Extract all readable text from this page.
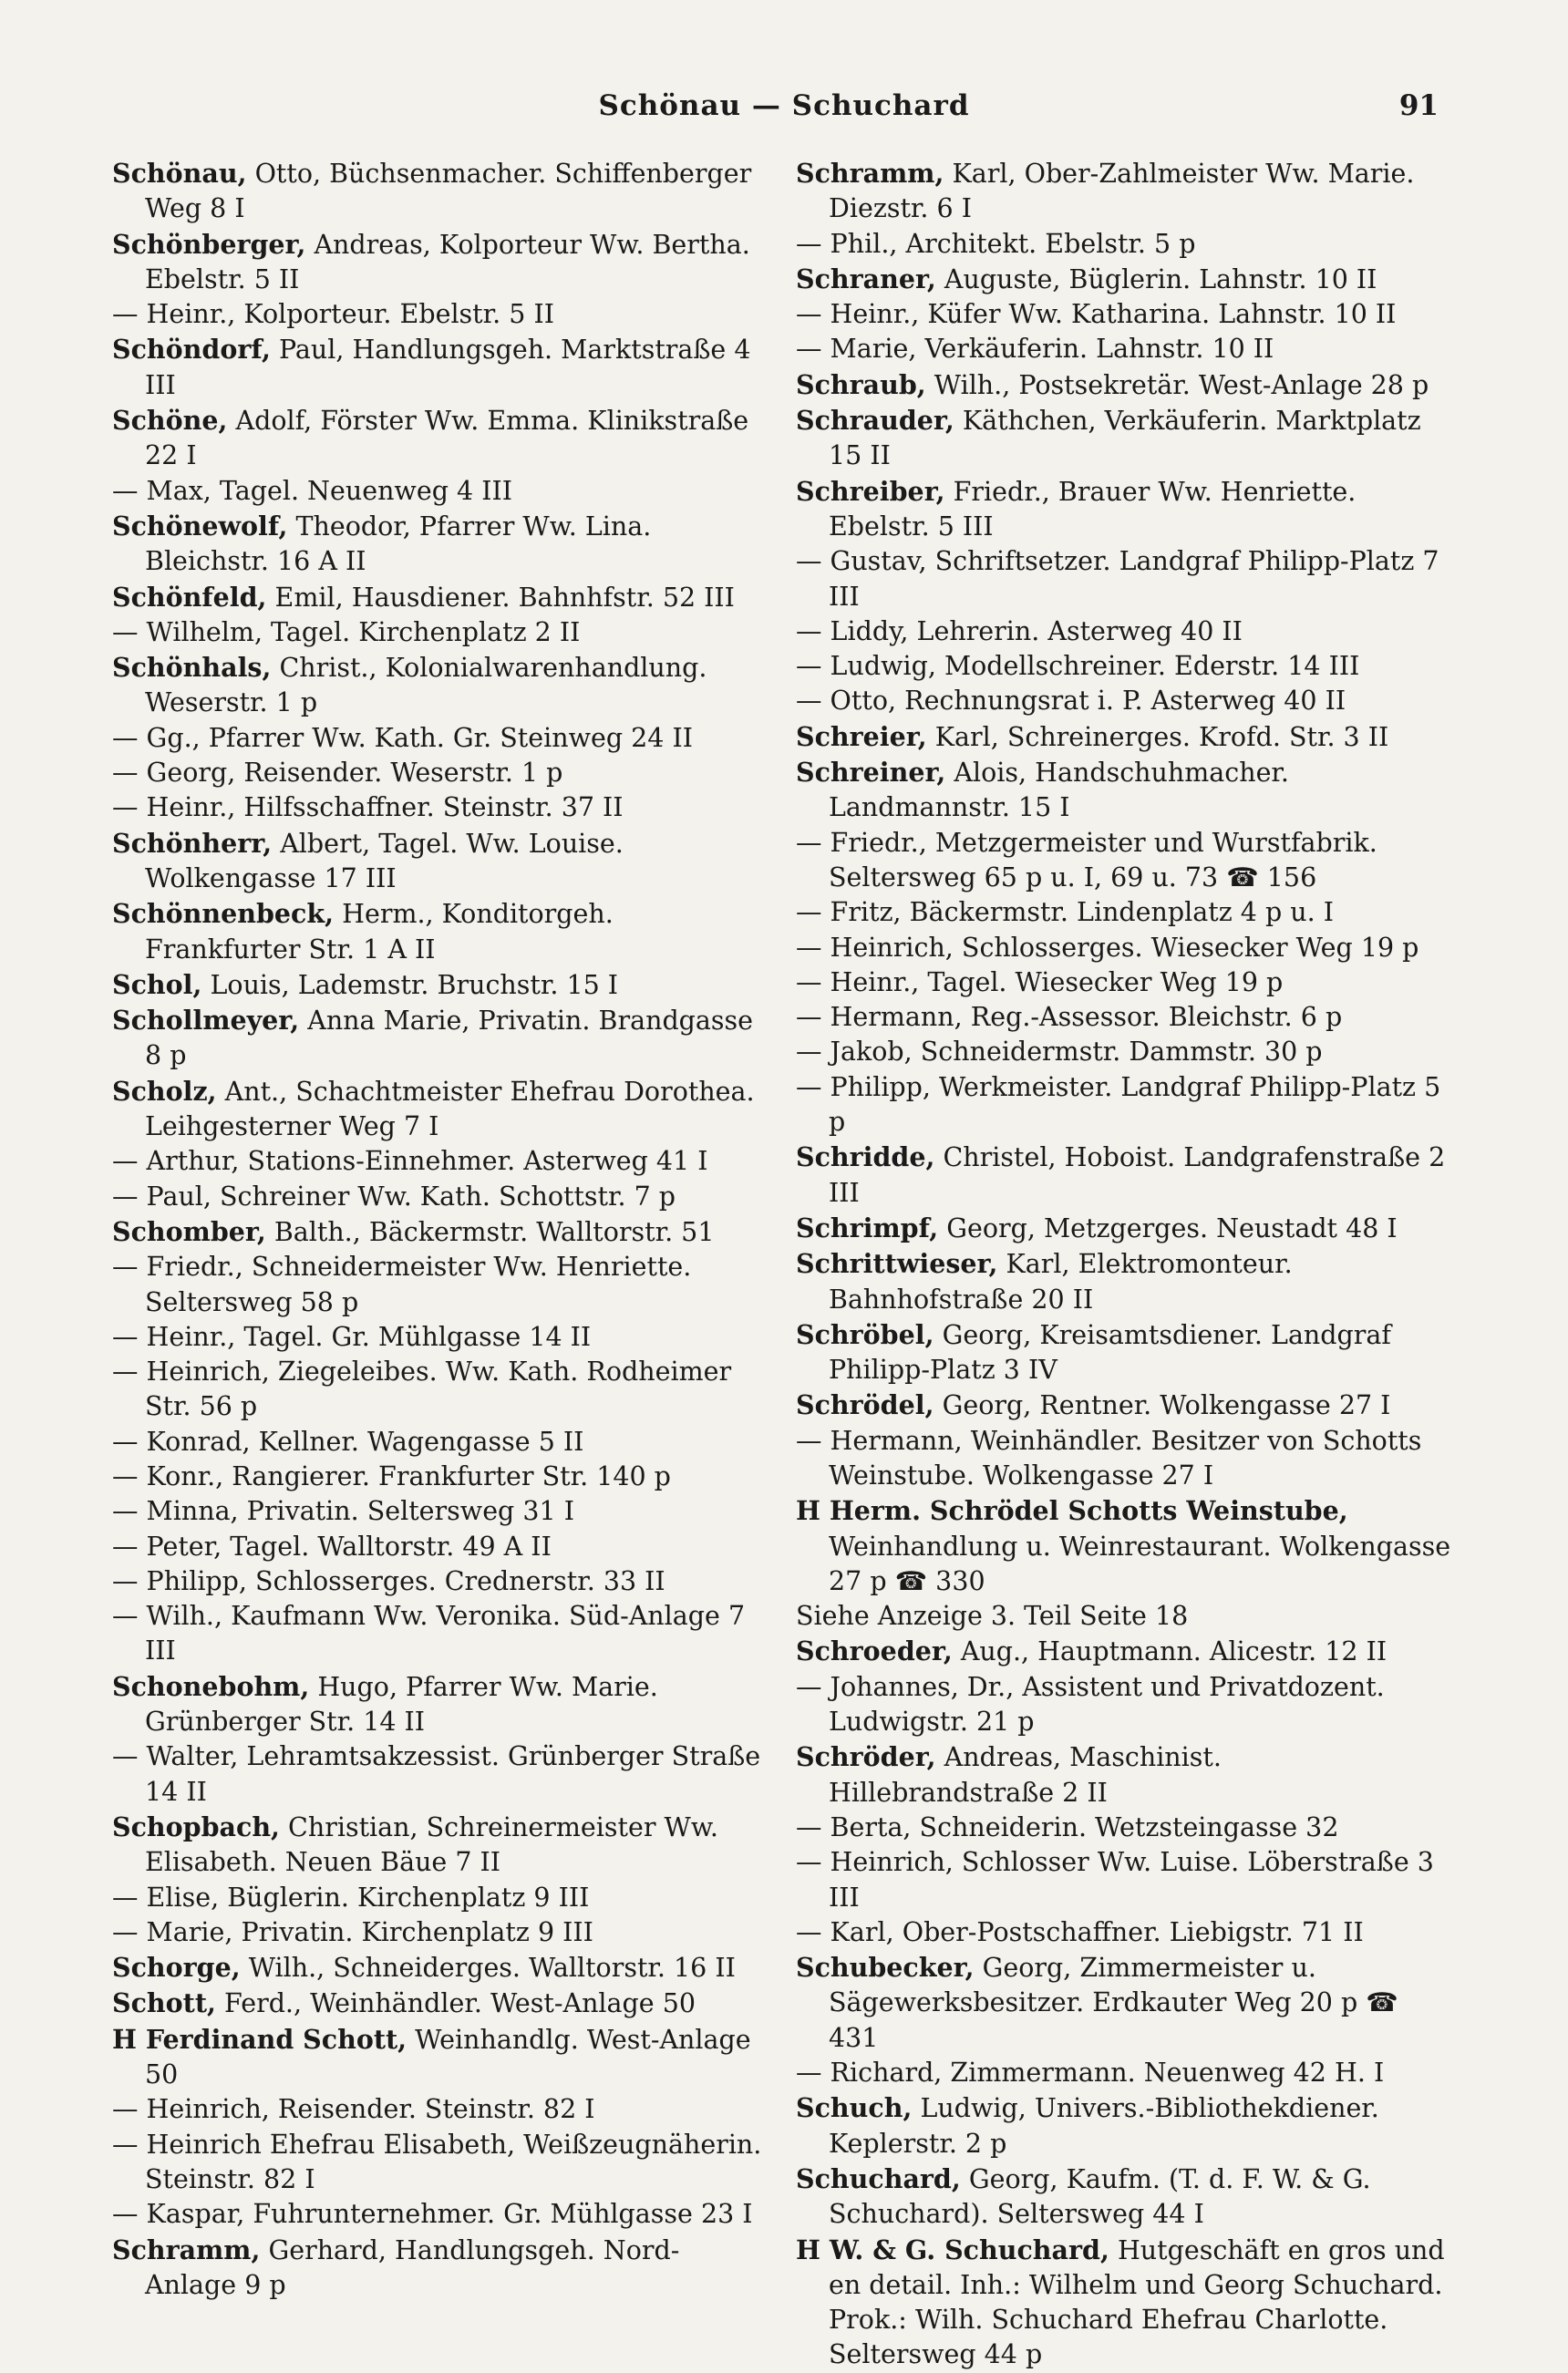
Schönau — Schuchard	91

Schönau, Otto, Büchsenmacher. Schiffenberger Weg 8 I

Schönberger, Andreas, Kolporteur Ww. Bertha. Ebelstr. 5 II

— Heinr., Kolporteur. Ebelstr. 5 II

Schöndorf, Paul, Handlungsgeh. Marktstraße 4 III

Schöne, Adolf, Förster Ww. Emma. Klinikstraße 22 I

— Max, Tagel. Neuenweg 4 III

Schönewolf, Theodor, Pfarrer Ww. Lina. Bleichstr. 16 A II

Schönfeld, Emil, Hausdiener. Bahnhfstr. 52 III

— Wilhelm, Tagel. Kirchenplatz 2 II

Schönhals, Christ., Kolonialwarenhandlung. Weserstr. 1 p

— Gg., Pfarrer Ww. Kath. Gr. Steinweg 24 II

— Georg, Reisender. Weserstr. 1 p

— Heinr., Hilfsschaffner. Steinstr. 37 II

Schönherr, Albert, Tagel. Ww. Louise. Wolkengasse 17 III

Schönnenbeck, Herm., Konditorgeh. Frankfurter Str. 1 A II

Schol, Louis, Lademstr. Bruchstr. 15 I

Schollmeyer, Anna Marie, Privatin. Brandgasse 8 p

Scholz, Ant., Schachtmeister Ehefrau Dorothea. Leihgesterner Weg 7 I

— Arthur, Stations-Einnehmer. Asterweg 41 I

— Paul, Schreiner Ww. Kath. Schottstr. 7 p

Schomber, Balth., Bäckermstr. Walltorstr. 51

— Friedr., Schneidermeister Ww. Henriette. Seltersweg 58 p

— Heinr., Tagel. Gr. Mühlgasse 14 II

— Heinrich, Ziegeleibes. Ww. Kath. Rodheimer Str. 56 p

— Konrad, Kellner. Wagengasse 5 II

— Konr., Rangierer. Frankfurter Str. 140 p

— Minna, Privatin. Seltersweg 31 I

— Peter, Tagel. Walltorstr. 49 A II

— Philipp, Schlosserges. Crednerstr. 33 II

— Wilh., Kaufmann Ww. Veronika. Süd-Anlage 7 III

Schonebohm, Hugo, Pfarrer Ww. Marie. Grünberger Str. 14 II

— Walter, Lehramtsakzessist. Grünberger Straße 14 II

Schopbach, Christian, Schreinermeister Ww. Elisabeth. Neuen Bäue 7 II

— Elise, Büglerin. Kirchenplatz 9 III

— Marie, Privatin. Kirchenplatz 9 III

Schorge, Wilh., Schneiderges. Walltorstr. 16 II

Schott, Ferd., Weinhändler. West-Anlage 50

H Ferdinand Schott, Weinhandlg. West-Anlage 50

— Heinrich, Reisender. Steinstr. 82 I

— Heinrich Ehefrau Elisabeth, Weißzeugnäherin. Steinstr. 82 I

— Kaspar, Fuhrunternehmer. Gr. Mühlgasse 23 I

Schramm, Gerhard, Handlungsgeh. Nord-Anlage 9 p

Schramm, Karl, Ober-Zahlmeister Ww. Marie. Diezstr. 6 I

— Phil., Architekt. Ebelstr. 5 p

Schraner, Auguste, Büglerin. Lahnstr. 10 II

— Heinr., Küfer Ww. Katharina. Lahnstr. 10 II

— Marie, Verkäuferin. Lahnstr. 10 II

Schraub, Wilh., Postsekretär. West-Anlage 28 p

Schrauder, Käthchen, Verkäuferin. Marktplatz 15 II

Schreiber, Friedr., Brauer Ww. Henriette. Ebelstr. 5 III

— Gustav, Schriftsetzer. Landgraf Philipp-Platz 7 III

— Liddy, Lehrerin. Asterweg 40 II

— Ludwig, Modellschreiner. Ederstr. 14 III

— Otto, Rechnungsrat i. P. Asterweg 40 II

Schreier, Karl, Schreinerges. Krofd. Str. 3 II

Schreiner, Alois, Handschuhmacher. Landmannstr. 15 I

— Friedr., Metzgermeister und Wurstfabrik. Seltersweg 65 p u. I, 69 u. 73 ☎ 156

— Fritz, Bäckermstr. Lindenplatz 4 p u. I

— Heinrich, Schlosserges. Wiesecker Weg 19 p

— Heinr., Tagel. Wiesecker Weg 19 p

— Hermann, Reg.-Assessor. Bleichstr. 6 p

— Jakob, Schneidermstr. Dammstr. 30 p

— Philipp, Werkmeister. Landgraf Philipp-Platz 5 p

Schridde, Christel, Hoboist. Landgrafenstraße 2 III

Schrimpf, Georg, Metzgerges. Neustadt 48 I

Schrittwieser, Karl, Elektromonteur. Bahnhofstraße 20 II

Schröbel, Georg, Kreisamtsdiener. Landgraf Philipp-Platz 3 IV

Schrödel, Georg, Rentner. Wolkengasse 27 I

— Hermann, Weinhändler. Besitzer von Schotts Weinstube. Wolkengasse 27 I

H Herm. Schrödel Schotts Weinstube, Weinhandlung u. Weinrestaurant. Wolkengasse 27 p ☎ 330

Siehe Anzeige 3. Teil Seite 18

Schroeder, Aug., Hauptmann. Alicestr. 12 II

— Johannes, Dr., Assistent und Privatdozent. Ludwigstr. 21 p

Schröder, Andreas, Maschinist. Hillebrandstraße 2 II

— Berta, Schneiderin. Wetzsteingasse 32

— Heinrich, Schlosser Ww. Luise. Löberstraße 3 III

— Karl, Ober-Postschaffner. Liebigstr. 71 II

Schubecker, Georg, Zimmermeister u. Sägewerksbesitzer. Erdkauter Weg 20 p ☎ 431

— Richard, Zimmermann. Neuenweg 42 H. I

Schuch, Ludwig, Univers.-Bibliothekdiener. Keplerstr. 2 p

Schuchard, Georg, Kaufm. (T. d. F. W. & G. Schuchard). Seltersweg 44 I

H W. & G. Schuchard, Hutgeschäft en gros und en detail. Inh.: Wilhelm und Georg Schuchard. Prok.: Wilh. Schuchard Ehefrau Charlotte. Seltersweg 44 p
